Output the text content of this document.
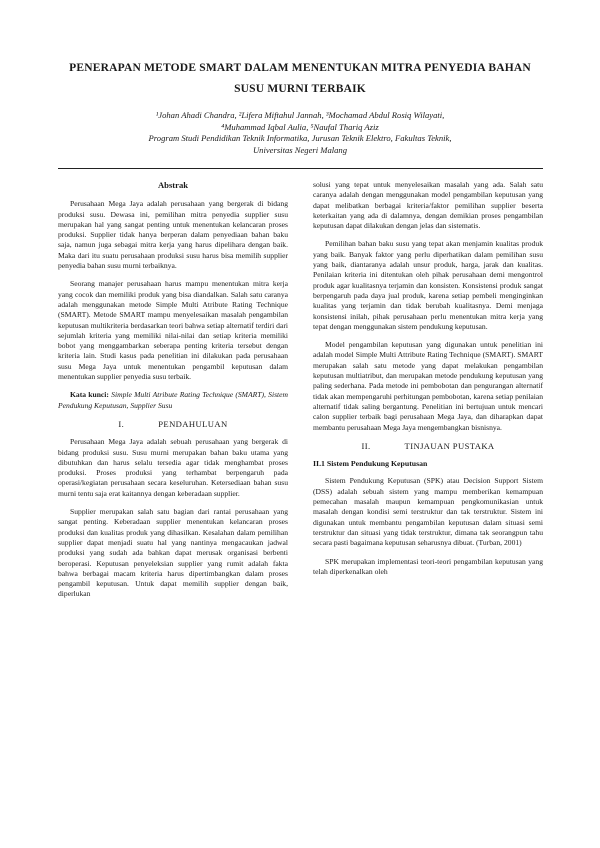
PENERAPAN METODE SMART DALAM MENENTUKAN MITRA PENYEDIA BAHAN
SUSU MURNI TERBAIK
¹Johan Ahadi Chandra, ²Lifera Miftahul Jannah, ³Mochamad Abdul Rosiq Wilayati,
⁴Muhammad Iqbal Aulia, ⁵Naufal Thariq Aziz
Program Studi Pendidikan Teknik Informatika, Jurusan Teknik Elektro, Fakultas Teknik,
Universitas Negeri Malang
Abstrak

Perusahaan Mega Jaya adalah perusahaan yang bergerak di bidang produksi susu. Dewasa ini, pemilihan mitra penyedia supplier susu merupakan hal yang sangat penting untuk menentukan kelancaran proses produksi. Supplier tidak hanya berperan dalam penyediaan bahan baku saja, namun juga sebagai mitra kerja yang harus dipelihara dengan baik. Maka dari itu suatu perusahaan produksi susu harus bisa memilih supplier penyedia bahan susu murni terbaiknya.

Seorang manajer perusahaan harus mampu menentukan mitra kerja yang cocok dan memiliki produk yang bisa diandalkan. Salah satu caranya adalah menggunakan metode Simple Multi Atribute Rating Technique (SMART). Metode SMART mampu menyelesaikan masalah pengambilan keputusan multikriteria berdasarkan teori bahwa setiap alternatif terdiri dari sejumlah kriteria yang memiliki nilai-nilai dan setiap kriteria memiliki bobot yang menggambarkan seberapa penting kriteria tersebut dengan kriteria lain. Studi kasus pada penelitian ini dilakukan pada perusahaan susu Mega Jaya untuk menentukan pengambil keputusan dalam menentukan supplier penyedia susu terbaik.

Kata kunci: Simple Multi Atribute Rating Technique (SMART), Sistem Pendukung Keputusan, Supplier Susu

I.	PENDAHULUAN

Perusahaan Mega Jaya adalah sebuah perusahaan yang bergerak di bidang produksi susu. Susu murni merupakan bahan baku utama yang dibutuhkan dan harus selalu tersedia agar tidak menghambat proses produksi. Proses produksi yang terhambat berpengaruh pada operasi/kegiatan perusahaan secara keseluruhan. Ketersediaan bahan susu murni tentu saja erat kaitannya dengan keberadaan supplier.

Supplier merupakan salah satu bagian dari rantai perusahaan yang sangat penting. Keberadaan supplier menentukan kelancaran proses produksi dan kualitas produk yang dihasilkan. Kesalahan dalam pemilihan supplier dapat menjadi suatu hal yang nantinya mengacaukan jadwal produksi yang sudah ada bahkan dapat merusak organisasi berbenti beroperasi. Keputusan penyeleksian supplier yang rumit adalah fakta bahwa berbagai macam kriteria harus dipertimbangkan dalam proses pengambil keputusan. Untuk dapat memilih supplier dengan baik, diperlukan

solusi yang tepat untuk menyelesaikan masalah yang ada. Salah satu caranya adalah dengan menggunakan model pengambilan keputusan yang dapat melibatkan berbagai kriteria/faktor pemilihan supplier beserta keterkaitan yang ada di dalamnya, dengan demikian proses pengambilan keputusan dapat dilakukan dengan jelas dan sistematis.

Pemilihan bahan baku susu yang tepat akan menjamin kualitas produk yang baik. Banyak faktor yang perlu diperhatikan dalam pemilihan susu yang baik, diantaranya adalah unsur produk, harga, jarak dan kualitas. Penilaian kriteria ini ditentukan oleh pihak perusahaan demi mengontrol produk agar kualitasnya terjamin dan konsisten. Konsistensi produk sangat berpengaruh pada daya jual produk, karena setiap pembeli menginginkan kualitas yang terjamin dan tidak berubah kualitasnya. Demi menjaga konsistensi inilah, pihak perusahaan perlu menentukan mitra kerja yang tepat dengan menggunakan sistem pendukung keputusan.

Model pengambilan keputusan yang digunakan untuk penelitian ini adalah model Simple Multi Attribute Rating Technique (SMART). SMART merupakan salah satu metode yang dapat melakukan pengambilan keputusan multiatribut, dan merupakan metode pendukung keputusan yang paling sederhana. Pada metode ini pembobotan dan pengurangan alternatif tidak akan mempengaruhi perhitungan pembobotan, karena setiap penilaian alternatif tidak saling bergantung. Penelitian ini bertujuan untuk mencari calon supplier terbaik bagi perusahaan Mega Jaya, dan diharapkan dapat membantu perusahaan Mega Jaya mengembangkan bisnisnya.

II.	TINJAUAN PUSTAKA
II.1 Sistem Pendukung Keputusan

Sistem Pendukung Keputusan (SPK) atau Decision Support Sistem (DSS) adalah sebuah sistem yang mampu memberikan kemampuan pemecahan masalah maupun kemampuan pengkomunikasian untuk masalah dengan kondisi semi terstruktur dan tak terstruktur. Sistem ini digunakan untuk membantu pengambilan keputusan dalam situasi semi terstruktur dan situasi yang tidak terstruktur, dimana tak seorangpun tahu secara pasti bagaimana keputusan seharusnya dibuat. (Turban, 2001)

SPK merupakan implementasi teori-teori pengambilan keputusan yang telah diperkenalkan oleh
